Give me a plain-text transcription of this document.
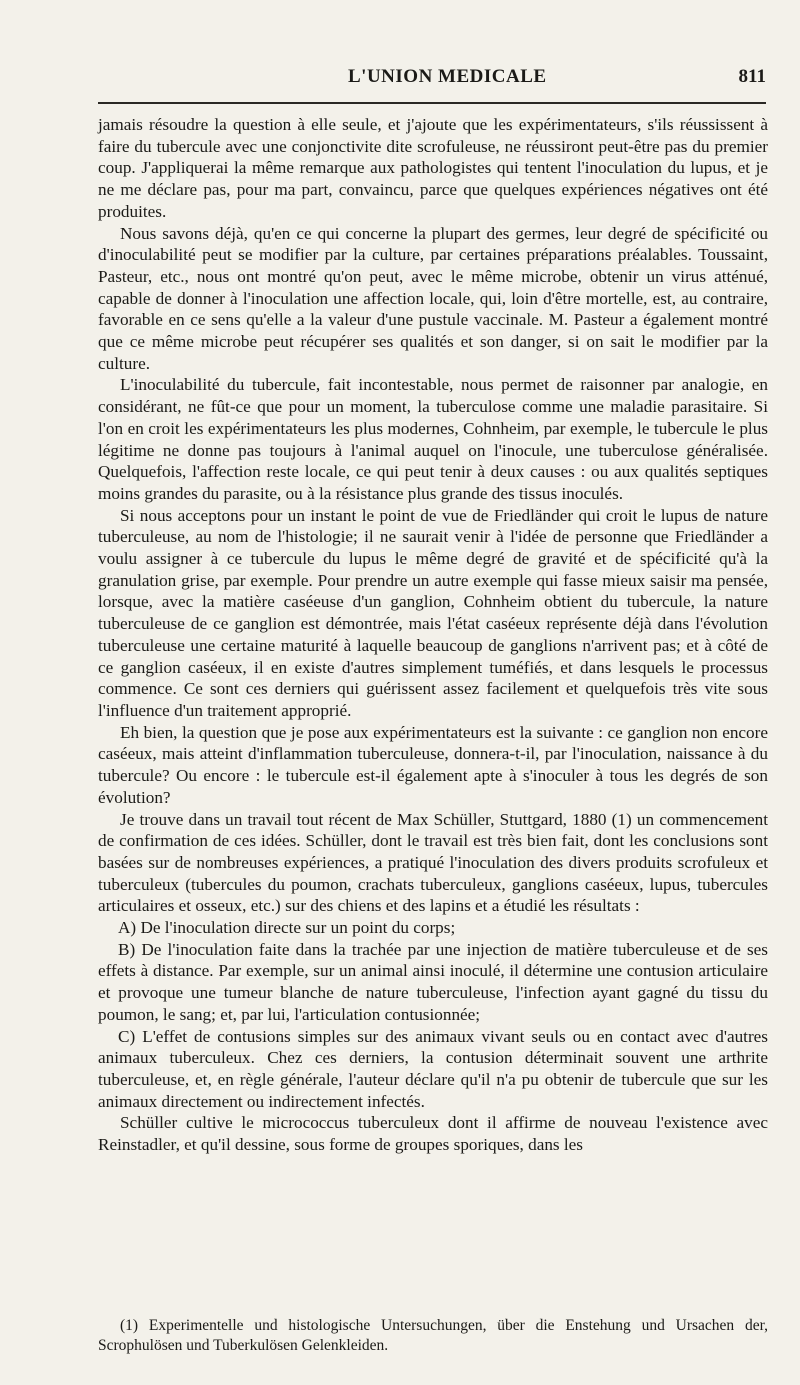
L'UNION MEDICALE	811

jamais résoudre la question à elle seule, et j'ajoute que les expérimentateurs, s'ils réussissent à faire du tubercule avec une conjonctivite dite scrofuleuse, ne réussiront peut-être pas du premier coup. J'appliquerai la même remarque aux pathologistes qui tentent l'inoculation du lupus, et je ne me déclare pas, pour ma part, convaincu, parce que quelques expériences négatives ont été produites.

Nous savons déjà, qu'en ce qui concerne la plupart des germes, leur degré de spécificité ou d'inoculabilité peut se modifier par la culture, par certaines préparations préalables. Toussaint, Pasteur, etc., nous ont montré qu'on peut, avec le même microbe, obtenir un virus atténué, capable de donner à l'inoculation une affection locale, qui, loin d'être mortelle, est, au contraire, favorable en ce sens qu'elle a la valeur d'une pustule vaccinale. M. Pasteur a également montré que ce même microbe peut récupérer ses qualités et son danger, si on sait le modifier par la culture.

L'inoculabilité du tubercule, fait incontestable, nous permet de raisonner par analogie, en considérant, ne fût-ce que pour un moment, la tuberculose comme une maladie parasitaire. Si l'on en croit les expérimentateurs les plus modernes, Cohnheim, par exemple, le tubercule le plus légitime ne donne pas toujours à l'animal auquel on l'inocule, une tuberculose généralisée. Quelquefois, l'affection reste locale, ce qui peut tenir à deux causes : ou aux qualités septiques moins grandes du parasite, ou à la résistance plus grande des tissus inoculés.

Si nous acceptons pour un instant le point de vue de Friedländer qui croit le lupus de nature tuberculeuse, au nom de l'histologie; il ne saurait venir à l'idée de personne que Friedländer a voulu assigner à ce tubercule du lupus le même degré de gravité et de spécificité qu'à la granulation grise, par exemple. Pour prendre un autre exemple qui fasse mieux saisir ma pensée, lorsque, avec la matière caséeuse d'un ganglion, Cohnheim obtient du tubercule, la nature tuberculeuse de ce ganglion est démontrée, mais l'état caséeux représente déjà dans l'évolution tuberculeuse une certaine maturité à laquelle beaucoup de ganglions n'arrivent pas; et à côté de ce ganglion caséeux, il en existe d'autres simplement tuméfiés, et dans lesquels le processus commence. Ce sont ces derniers qui guérissent assez facilement et quelquefois très vite sous l'influence d'un traitement approprié.

Eh bien, la question que je pose aux expérimentateurs est la suivante : ce ganglion non encore caséeux, mais atteint d'inflammation tuberculeuse, donnera-t-il, par l'inoculation, naissance à du tubercule? Ou encore : le tubercule est-il également apte à s'inoculer à tous les degrés de son évolution?

Je trouve dans un travail tout récent de Max Schüller, Stuttgard, 1880 (1) un commencement de confirmation de ces idées. Schüller, dont le travail est très bien fait, dont les conclusions sont basées sur de nombreuses expériences, a pratiqué l'inoculation des divers produits scrofuleux et tuberculeux (tubercules du poumon, crachats tuberculeux, ganglions caséeux, lupus, tubercules articulaires et osseux, etc.) sur des chiens et des lapins et a étudié les résultats :

A) De l'inoculation directe sur un point du corps;

B) De l'inoculation faite dans la trachée par une injection de matière tuberculeuse et de ses effets à distance. Par exemple, sur un animal ainsi inoculé, il détermine une contusion articulaire et provoque une tumeur blanche de nature tuberculeuse, l'infection ayant gagné du tissu du poumon, le sang; et, par lui, l'articulation contusionnée;

C) L'effet de contusions simples sur des animaux vivant seuls ou en contact avec d'autres animaux tuberculeux. Chez ces derniers, la contusion déterminait souvent une arthrite tuberculeuse, et, en règle générale, l'auteur déclare qu'il n'a pu obtenir de tubercule que sur les animaux directement ou indirectement infectés.

Schüller cultive le micrococcus tuberculeux dont il affirme de nouveau l'existence avec Reinstadler, et qu'il dessine, sous forme de groupes sporiques, dans les

(1) Experimentelle und histologische Untersuchungen, über die Enstehung und Ursachen der, Scrophulösen und Tuberkulösen Gelenkleiden.
